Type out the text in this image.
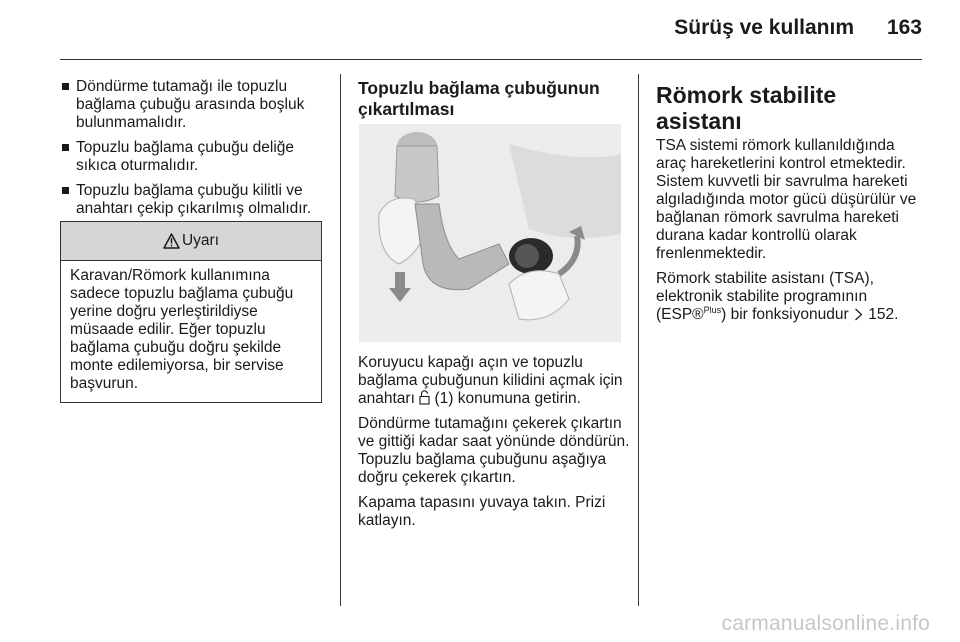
Sürüş ve kullanım	163
Döndürme tutamağı ile topuzlu bağlama çubuğu arasında boşluk bulunmamalıdır.
Topuzlu bağlama çubuğu deliğe sıkıca oturmalıdır.
Topuzlu bağlama çubuğu kilitli ve anahtarı çekip çıkarılmış olmalıdır.
Uyarı
Karavan/Römork kullanımına sadece topuzlu bağlama çubuğu yerine doğru yerleştirildiyse müsaade edilir. Eğer topuzlu bağlama çubuğu doğru şekilde monte edilemiyorsa, bir servise başvurun.
Topuzlu bağlama çubuğunun çıkartılması

Koruyucu kapağı açın ve topuzlu bağlama çubuğunun kilidini açmak için anahtarı (1) konumuna getirin.

Döndürme tutamağını çekerek çıkartın ve gittiği kadar saat yönünde döndürün. Topuzlu bağlama çubuğunu aşağıya doğru çekerek çıkartın.

Kapama tapasını yuvaya takın. Prizi katlayın.

Römork stabilite asistanı

TSA sistemi römork kullanıldığında araç hareketlerini kontrol etmektedir. Sistem kuvvetli bir savrulma hareketi algıladığında motor gücü düşürülür ve bağlanan römork savrulma hareketi durana kadar kontrollü olarak frenlenmektedir.

Römork stabilite asistanı (TSA), elektronik stabilite programının (ESP®$^{Plus}$) bir fonksiyonudur 152.

carmanualsonline.info
